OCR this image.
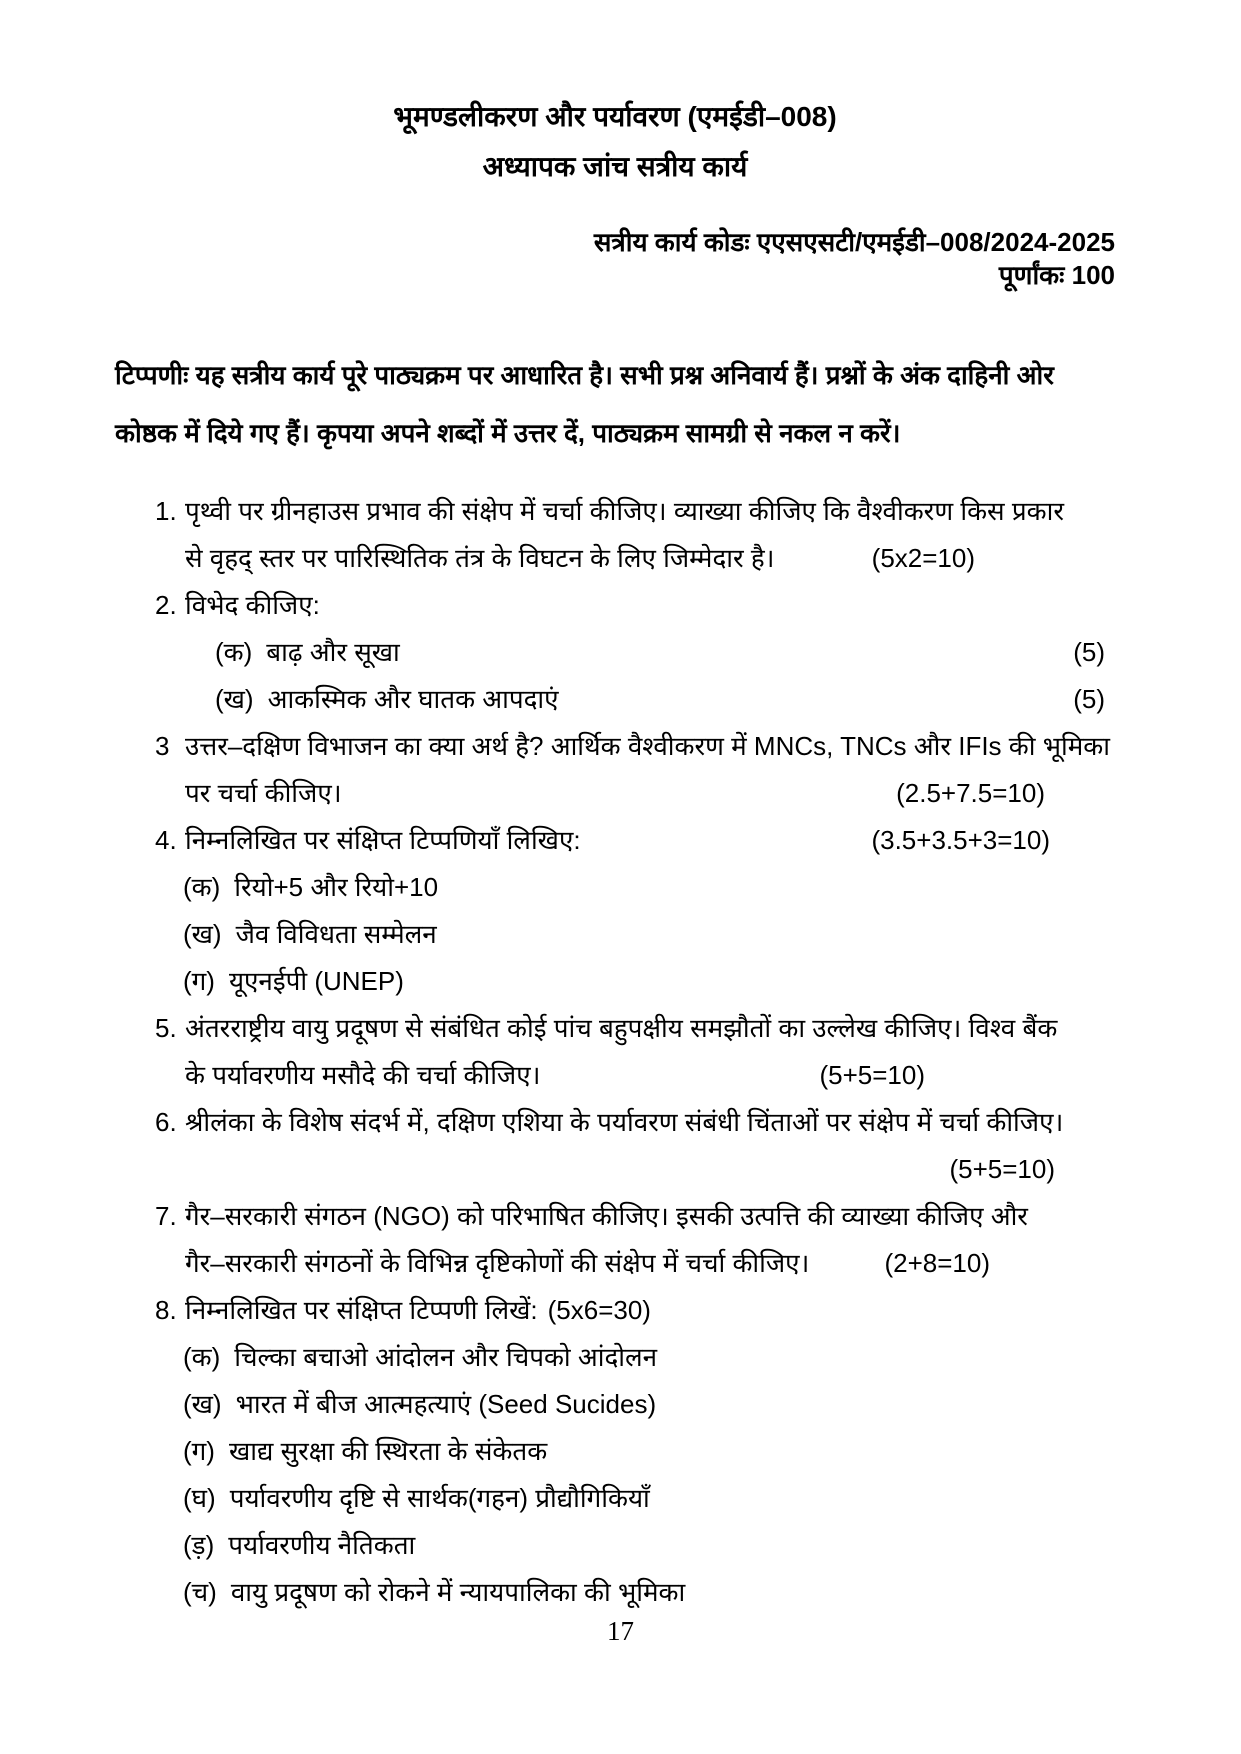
भूमण्डलीकरण और पर्यावरण (एमईडी–008)
अध्यापक जांच सत्रीय कार्य
सत्रीय कार्य कोडः एएसएसटी/एमईडी–008/2024-2025
पूर्णांकः 100
टिप्पणीः यह सत्रीय कार्य पूरे पाठ्यक्रम पर आधारित है। सभी प्रश्न अनिवार्य हैं। प्रश्नों के अंक दाहिनी ओर
कोष्ठक में दिये गए हैं। कृपया अपने शब्दों में उत्तर दें, पाठ्यक्रम सामग्री से नकल न करें।
1. पृथ्वी पर ग्रीनहाउस प्रभाव की संक्षेप में चर्चा कीजिए। व्याख्या कीजिए कि वैश्वीकरण किस प्रकार
से वृहद् स्तर पर पारिस्थितिक तंत्र के विघटन के लिए जिम्मेदार है।	(5x2=10)
2. विभेद कीजिए:
(क) बाढ़ और सूखा	(5)
(ख) आकस्मिक और घातक आपदाएं	(5)
3 उत्तर–दक्षिण विभाजन का क्या अर्थ है? आर्थिक वैश्वीकरण में MNCs, TNCs और IFIs की भूमिका
पर चर्चा कीजिए।	(2.5+7.5=10)
4. निम्नलिखित पर संक्षिप्त टिप्पणियाँ लिखिए:	(3.5+3.5+3=10)
(क) रियो+5 और रियो+10
(ख) जैव विविधता सम्मेलन
(ग) यूएनईपी (UNEP)
5. अंतरराष्ट्रीय वायु प्रदूषण से संबंधित कोई पांच बहुपक्षीय समझौतों का उल्लेख कीजिए। विश्व बैंक
के पर्यावरणीय मसौदे की चर्चा कीजिए।	(5+5=10)
6. श्रीलंका के विशेष संदर्भ में, दक्षिण एशिया के पर्यावरण संबंधी चिंताओं पर संक्षेप में चर्चा कीजिए।
(5+5=10)
7. गैर–सरकारी संगठन (NGO) को परिभाषित कीजिए। इसकी उत्पत्ति की व्याख्या कीजिए और
गैर–सरकारी संगठनों के विभिन्न दृष्टिकोणों की संक्षेप में चर्चा कीजिए।	(2+8=10)
8. निम्नलिखित पर संक्षिप्त टिप्पणी लिखें: (5x6=30)
(क) चिल्का बचाओ आंदोलन और चिपको आंदोलन
(ख) भारत में बीज आत्महत्याएं (Seed Sucides)
(ग) खाद्य सुरक्षा की स्थिरता के संकेतक
(घ) पर्यावरणीय दृष्टि से सार्थक(गहन) प्रौद्यौगिकियाँ
(ड़) पर्यावरणीय नैतिकता
(च) वायु प्रदूषण को रोकने में न्यायपालिका की भूमिका
17
